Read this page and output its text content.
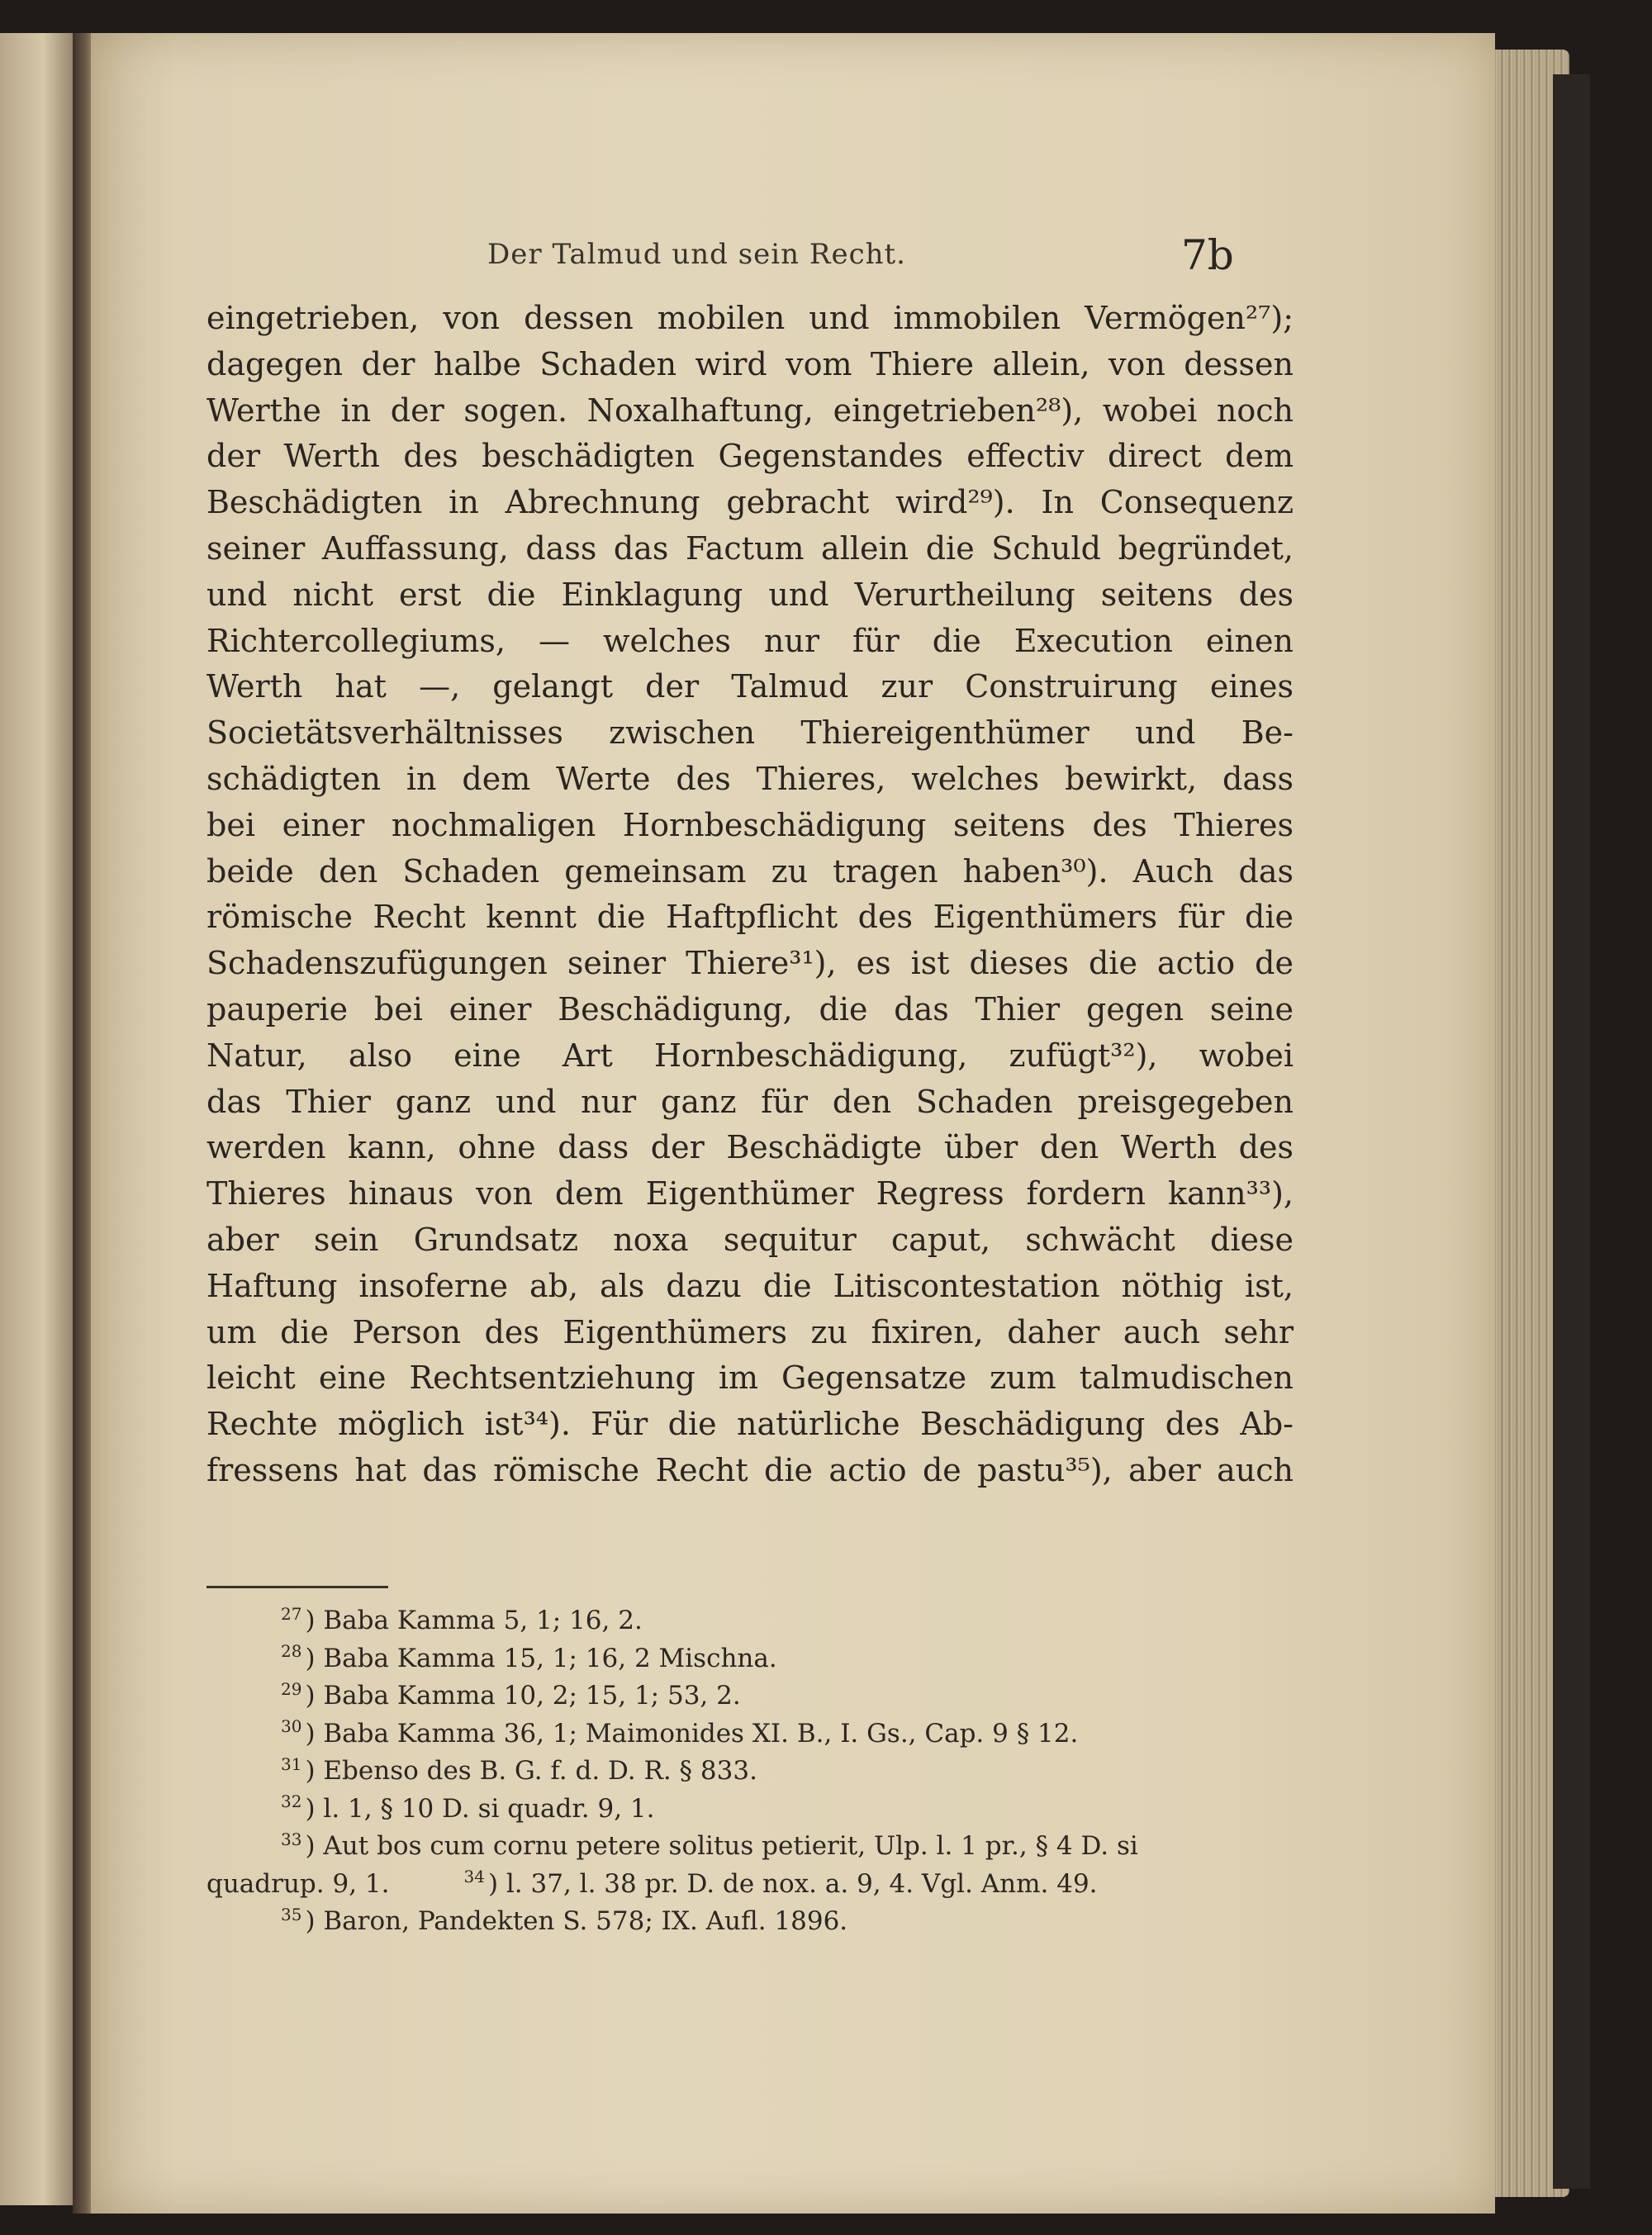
Der Talmud und sein Recht.	7b
eingetrieben, von dessen mobilen und immobilen Vermögen²⁷);
dagegen der halbe Schaden wird vom Thiere allein, von dessen
Werthe in der sogen. Noxalhaftung, eingetrieben²⁸), wobei noch
der Werth des beschädigten Gegenstandes effectiv direct dem
Beschädigten in Abrechnung gebracht wird²⁹). In Consequenz
seiner Auffassung, dass das Factum allein die Schuld begründet,
und nicht erst die Einklagung und Verurtheilung seitens des
Richtercollegiums, — welches nur für die Execution einen
Werth hat —, gelangt der Talmud zur Construirung eines
Societätsverhältnisses zwischen Thiereigenthümer und Be-
schädigten in dem Werte des Thieres, welches bewirkt, dass
bei einer nochmaligen Hornbeschädigung seitens des Thieres
beide den Schaden gemeinsam zu tragen haben³⁰). Auch das
römische Recht kennt die Haftpflicht des Eigenthümers für die
Schadenszufügungen seiner Thiere³¹), es ist dieses die actio de
pauperie bei einer Beschädigung, die das Thier gegen seine
Natur, also eine Art Hornbeschädigung, zufügt³²), wobei
das Thier ganz und nur ganz für den Schaden preisgegeben
werden kann, ohne dass der Beschädigte über den Werth des
Thieres hinaus von dem Eigenthümer Regress fordern kann³³),
aber sein Grundsatz noxa sequitur caput, schwächt diese
Haftung insoferne ab, als dazu die Litiscontestation nöthig ist,
um die Person des Eigenthümers zu fixiren, daher auch sehr
leicht eine Rechtsentziehung im Gegensatze zum talmudischen
Rechte möglich ist³⁴). Für die natürliche Beschädigung des Ab-
fressens hat das römische Recht die actio de pastu³⁵), aber auch
$^{27}$ ) Baba Kamma 5, 1; 16, 2.
$^{28}$ ) Baba Kamma 15, 1; 16, 2 Mischna.
$^{29}$ ) Baba Kamma 10, 2; 15, 1; 53, 2.
$^{30}$ ) Baba Kamma 36, 1; Maimonides XI. B., I. Gs., Cap. 9 § 12.
$^{31}$ ) Ebenso des B. G. f. d. D. R. § 833.
$^{32}$ ) l. 1, § 10 D. si quadr. 9, 1.
$^{33}$ ) Aut bos cum cornu petere solitus petierit, Ulp. l. 1 pr., § 4 D. si
quadrup. 9, 1.	$^{34}$ ) l. 37, l. 38 pr. D. de nox. a. 9, 4. Vgl. Anm. 49.
$^{35}$ ) Baron, Pandekten S. 578; IX. Aufl. 1896.
